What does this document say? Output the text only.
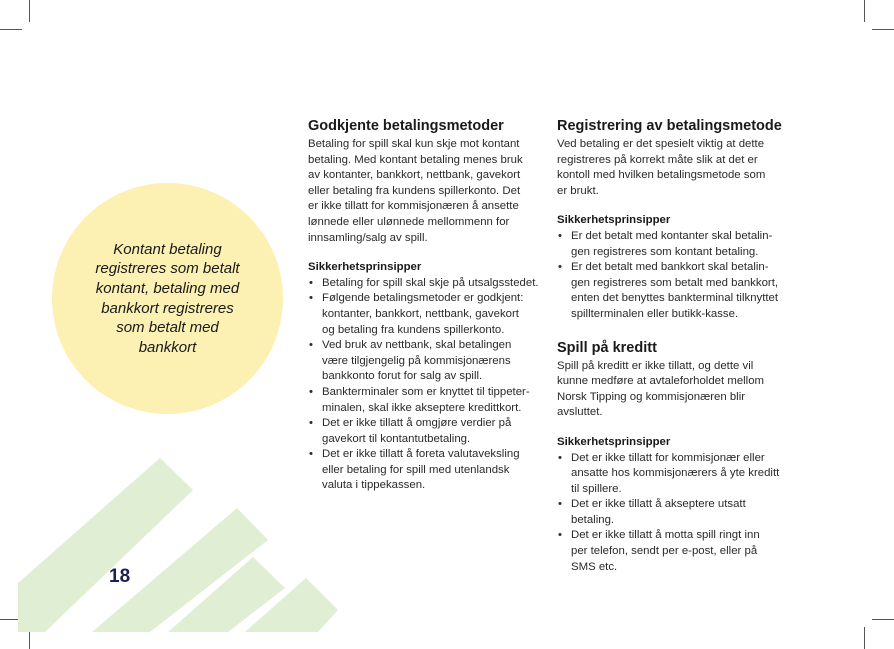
Kontant betaling registreres som betalt kontant, betaling med bankkort registreres som betalt med bankkort
18
Godkjente betalingsmetoder

Betaling for spill skal kun skje mot kontant
betaling. Med kontant betaling menes bruk
av kontanter, bankkort, nettbank, gavekort
eller betaling fra kundens spillerkonto. Det
er ikke tillatt for kommisjonæren å ansette
lønnede eller ulønnede mellommenn for
innsamling/salg av spill.

Sikkerhetsprinsipper
• Betaling for spill skal skje på utsalgsstedet.
• Følgende betalingsmetoder er godkjent:
kontanter, bankkort, nettbank, gavekort
og betaling fra kundens spillerkonto.
• Ved bruk av nettbank, skal betalingen
være tilgjengelig på kommisjonærens
bankkonto forut for salg av spill.
• Bankterminaler som er knyttet til tippeter-
minalen, skal ikke akseptere kredittkort.
• Det er ikke tillatt å omgjøre verdier på
gavekort til kontantutbetaling.
• Det er ikke tillatt å foreta valutaveksling
eller betaling for spill med utenlandsk
valuta i tippekassen.
Registrering av betalingsmetode

Ved betaling er det spesielt viktig at dette
registreres på korrekt måte slik at det er
kontoll med hvilken betalingsmetode som
er brukt.

Sikkerhetsprinsipper
• Er det betalt med kontanter skal betalin-
gen registreres som kontant betaling.
• Er det betalt med bankkort skal betalin-
gen registreres som betalt med bankkort,
enten det benyttes bankterminal tilknyttet
spillterminalen eller butikk-kasse.
Spill på kreditt

Spill på kreditt er ikke tillatt, og dette vil
kunne medføre at avtaleforholdet mellom
Norsk Tipping og kommisjonæren blir
avsluttet.

Sikkerhetsprinsipper
• Det er ikke tillatt for kommisjonær eller
ansatte hos kommisjonærers å yte kreditt
til spillere.
• Det er ikke tillatt å akseptere utsatt
betaling.
• Det er ikke tillatt å motta spill ringt inn
per telefon, sendt per e-post, eller på
SMS etc.
